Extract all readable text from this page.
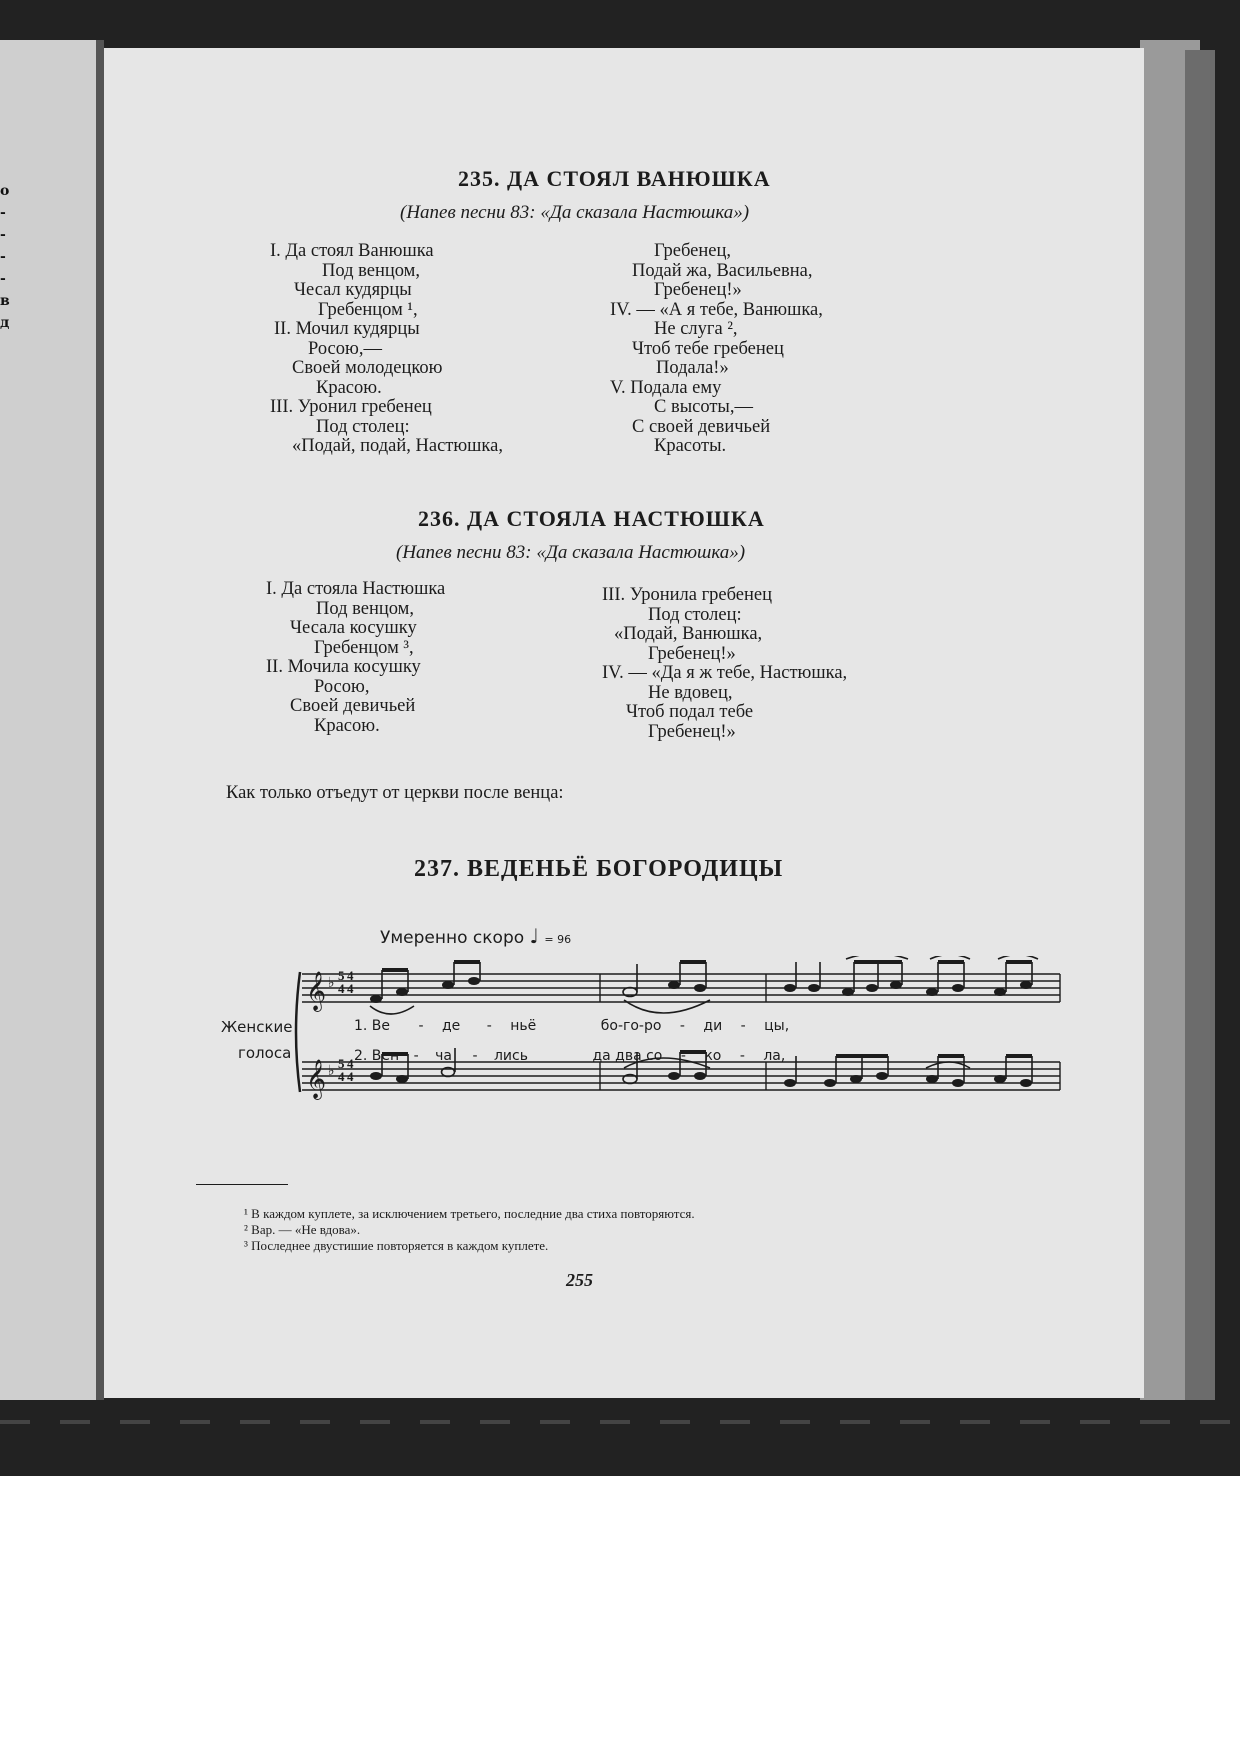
о
-
-
-
-
в
д
235. ДА СТОЯЛ ВАНЮШКА
(Напев песни 83: «Да сказала Настюшка»)
I. Да стоял Ванюшка
Под венцом,
Чесал кудярцы
Гребенцом ¹,
II. Мочил кудярцы
Росою,—
Своей молодецкою
Красою.
III. Уронил гребенец
Под столец:
«Подай, подай, Настюшка,
Гребенец,
Подай жа, Васильевна,
Гребенец!»
IV. — «А я тебе, Ванюшка,
Не слуга ²,
Чтоб тебе гребенец
Подала!»
V. Подала ему
С высоты,—
С своей девичьей
Красоты.
236. ДА СТОЯЛА НАСТЮШКА
(Напев песни 83: «Да сказала Настюшка»)
I. Да стояла Настюшка
Под венцом,
Чесала косушку
Гребенцом ³,
II. Мочила косушку
Росою,
Своей девичьей
Красою.
III. Уронила гребенец
Под столец:
«Подай, Ванюшка,
Гребенец!»
IV. — «Да я ж тебе, Настюшка,
Не вдовец,
Чтоб подал тебе
Гребенец!»
Как только отъедут от церкви после венца:
237. ВЕДЕНЬЁ БОГОРОДИЦЫ
Умеренно скоро ♩ = 96
Женские
голоса
𝄞
𝄞
♭
♭
5 4
4 4
5 4
4 4
1. Ве - де - ньё	бо-го-ро - ди - цы,
2. Вен - ча - лись	да два со - ко - ла,
¹ В каждом куплете, за исключением третьего, последние два стиха повторяются.
² Вар. — «Не вдова».
³ Последнее двустишие повторяется в каждом куплете.
255
